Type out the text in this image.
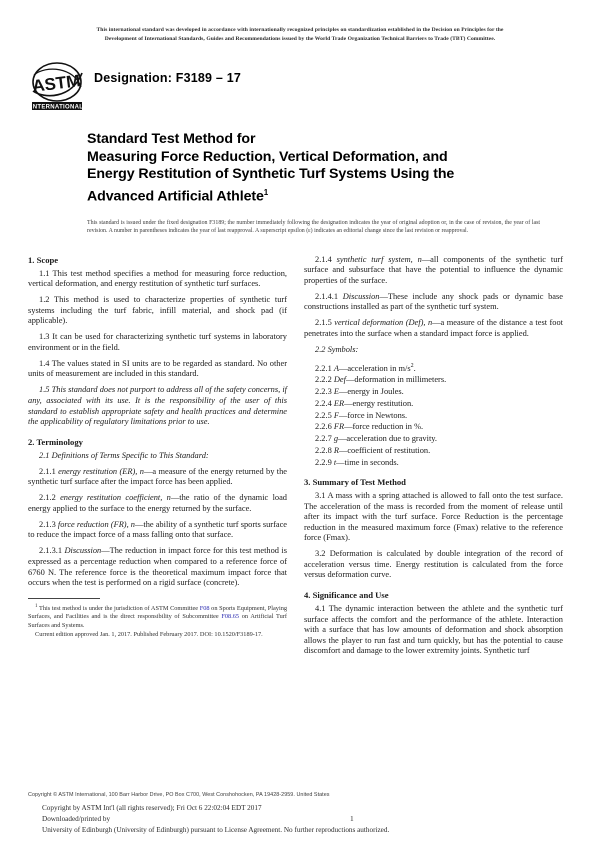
This international standard was developed in accordance with internationally recognized principles on standardization established in the Decision on Principles for the
Development of International Standards, Guides and Recommendations issued by the World Trade Organization Technical Barriers to Trade (TBT) Committee.
ASTM
INTERNATIONAL
Designation: F3189 – 17
Standard Test Method for
Measuring Force Reduction, Vertical Deformation, and
Energy Restitution of Synthetic Turf Systems Using the
Advanced Artificial Athlete$^1$
This standard is issued under the fixed designation F3189; the number immediately following the designation indicates the year of original adoption or, in the case of revision, the year of last revision. A number in parentheses indicates the year of last reapproval. A superscript epsilon (ε) indicates an editorial change since the last revision or reapproval.
1. Scope

1.1 This test method specifies a method for measuring force reduction, vertical deformation, and energy restitution of synthetic turf surfaces.

1.2 This method is used to characterize properties of synthetic turf systems including the turf fabric, infill material, and shock pad (if applicable).

1.3 It can be used for characterizing synthetic turf systems in laboratory environment or in the field.

1.4 The values stated in SI units are to be regarded as standard. No other units of measurement are included in this standard.

1.5 This standard does not purport to address all of the safety concerns, if any, associated with its use. It is the responsibility of the user of this standard to establish appropriate safety and health practices and determine the applicability of regulatory limitations prior to use.

2. Terminology

2.1 Definitions of Terms Specific to This Standard:

2.1.1 energy restitution (ER), n—a measure of the energy returned by the synthetic turf surface after the impact force has been applied.

2.1.2 energy restitution coefficient, n—the ratio of the dynamic load energy applied to the surface to the energy returned by the surface.

2.1.3 force reduction (FR), n—the ability of a synthetic turf sports surface to reduce the impact force of a mass falling onto that surface.

2.1.3.1 Discussion—The reduction in impact force for this test method is expressed as a percentage reduction when compared to a reference force of 6760 N. The reference force is the theoretical maximum impact force that occurs when the test is performed on a rigid surface (concrete).

$^1$ This test method is under the jurisdiction of ASTM Committee F08 on Sports Equipment, Playing Surfaces, and Facilities and is the direct responsibility of Subcommittee F08.65 on Artificial Turf Surfaces and Systems.

Current edition approved Jan. 1, 2017. Published February 2017. DOI: 10.1520/F3189-17.

2.1.4 synthetic turf system, n—all components of the synthetic turf surface and subsurface that have the potential to influence the dynamic properties of the surface.

2.1.4.1 Discussion—These include any shock pads or dynamic base constructions installed as part of the synthetic turf system.

2.1.5 vertical deformation (Def), n—a measure of the distance a test foot penetrates into the surface when a standard impact force is applied.

2.2 Symbols:

2.2.1 A—acceleration in $m/s^2$.

2.2.2 Def—deformation in millimeters.

2.2.3 E—energy in Joules.

2.2.4 ER—energy restitution.

2.2.5 F—force in Newtons.

2.2.6 FR—force reduction in %.

2.2.7 g—acceleration due to gravity.

2.2.8 R—coefficient of restitution.

2.2.9 t—time in seconds.

3. Summary of Test Method

3.1 A mass with a spring attached is allowed to fall onto the test surface. The acceleration of the mass is recorded from the moment of release until after its impact with the turf surface. Force Reduction is the percentage reduction in the measured maximum force (Fmax) relative to the reference force (Fmax).

3.2 Deformation is calculated by double integration of the record of acceleration versus time. Energy restitution is calculated from the force versus deformation curve.

4. Significance and Use

4.1 The dynamic interaction between the athlete and the synthetic turf surface affects the comfort and the performance of the athlete. Interaction with a surface that has low amounts of deformation and shock absorption allows the player to run fast and turn quickly, but has the potential to cause discomfort and damage to the lower extremity joints. Synthetic turf

Copyright © ASTM International, 100 Barr Harbor Drive, PO Box C700, West Conshohocken, PA 19428-2959. United States
Copyright by ASTM Int'l (all rights reserved); Fri Oct 6 22:02:04 EDT 2017
Downloaded/printed by
University of Edinburgh (University of Edinburgh) pursuant to License Agreement. No further reproductions authorized.
1
